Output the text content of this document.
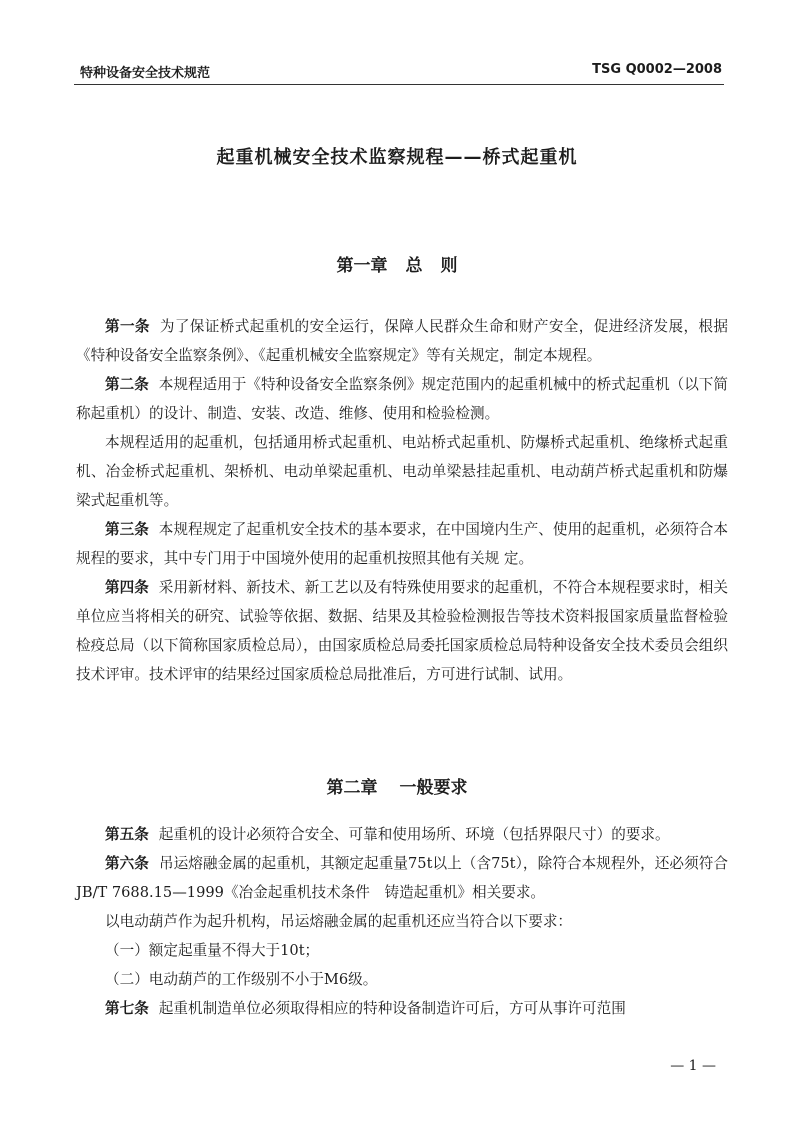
特种设备安全技术规范	TSG Q0002—2008
起重机械安全技术监察规程——桥式起重机
第一章 总 则

第一条 为了保证桥式起重机的安全运行，保障人民群众生命和财产安全，促进经济发展，根据《特种设备安全监察条例》、《起重机械安全监察规定》等有关规定，制定本规程。

第二条 本规程适用于《特种设备安全监察条例》规定范围内的起重机械中的桥式起重机（以下简称起重机）的设计、制造、安装、改造、维修、使用和检验检测。

本规程适用的起重机，包括通用桥式起重机、电站桥式起重机、防爆桥式起重机、绝缘桥式起重机、冶金桥式起重机、架桥机、电动单梁起重机、电动单梁悬挂起重机、电动葫芦桥式起重机和防爆梁式起重机等。

第三条 本规程规定了起重机安全技术的基本要求，在中国境内生产、使用的起重机，必须符合本规程的要求，其中专门用于中国境外使用的起重机按照其他有关规 定。

第四条 采用新材料、新技术、新工艺以及有特殊使用要求的起重机，不符合本规程要求时，相关单位应当将相关的研究、试验等依据、数据、结果及其检验检测报告等技术资料报国家质量监督检验检疫总局（以下简称国家质检总局），由国家质检总局委托国家质检总局特种设备安全技术委员会组织技术评审。技术评审的结果经过国家质检总局批准后，方可进行试制、试用。

第二章 一般要求

第五条 起重机的设计必须符合安全、可靠和使用场所、环境（包括界限尺寸）的要求。

第六条 吊运熔融金属的起重机，其额定起重量75t以上（含75t），除符合本规程外，还必须符合 JB/T 7688.15—1999《冶金起重机技术条件　铸造起重机》相关要求。

以电动葫芦作为起升机构，吊运熔融金属的起重机还应当符合以下要求：

（一）额定起重量不得大于10t；

（二）电动葫芦的工作级别不小于M6级。

第七条 起重机制造单位必须取得相应的特种设备制造许可后，方可从事许可范围

— 1 —
